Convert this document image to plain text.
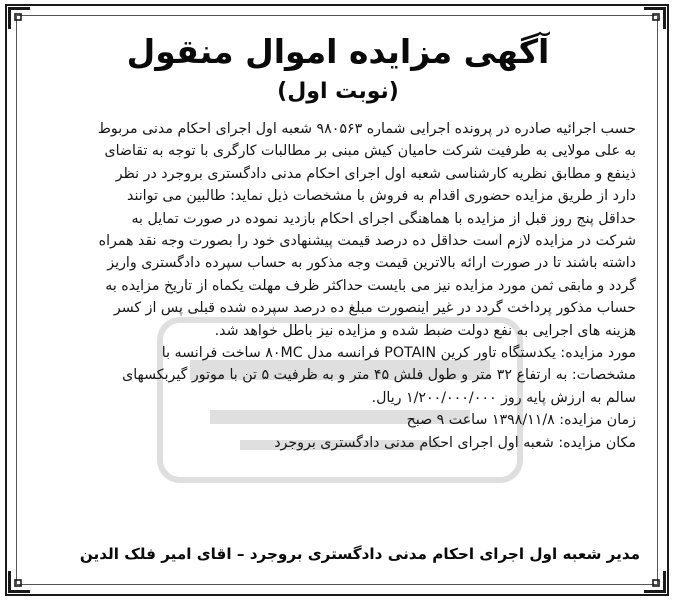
آگهی مزایده اموال منقول
(نوبت اول)
حسب اجرائیه صادره در پرونده اجرایی شماره ۹۸۰۵۶۳ شعبه اول اجرای احکام مدنی مربوط
به علی مولایی به طرفیت شرکت حامیان کیش مبنی بر مطالبات کارگری با توجه به تقاضای
ذینفع و مطابق نظریه کارشناسی شعبه اول اجرای احکام مدنی دادگستری بروجرد در نظر
دارد از طریق مزایده حضوری اقدام به فروش با مشخصات ذیل نماید: طالبین می توانند
حداقل پنج روز قبل از مزایده با هماهنگی اجرای احکام بازدید نموده در صورت تمایل به
شرکت در مزایده لازم است حداقل ده درصد قیمت پیشنهادی خود را بصورت وجه نقد همراه
داشته باشند تا در صورت ارائه بالاترین قیمت وجه مذکور به حساب سپرده دادگستری واریز
گردد و مابقی ثمن مورد مزایده نیز می بایست حداکثر ظرف مهلت یکماه از تاریخ مزایده به
حساب مذکور پرداخت گردد در غیر اینصورت مبلغ ده درصد سپرده شده قبلی پس از کسر
هزینه های اجرایی به نفع دولت ضبط شده و مزایده نیز باطل خواهد شد.
مورد مزایده: یکدستگاه تاور کرین POTAIN فرانسه مدل ۸۰MC ساخت فرانسه با
مشخصات: به ارتفاع ۳۲ متر و طول فلش ۴۵ متر و به ظرفیت ۵ تن با موتور گیربکسهای
سالم به ارزش پایه روز ۱/۲۰۰/۰۰۰/۰۰۰ ریال.
زمان مزایده: ۱۳۹۸/۱۱/۸ ساعت ۹ صبح
مکان مزایده: شعبه اول اجرای احکام مدنی دادگستری بروجرد
مدیر شعبه اول اجرای احکام مدنی دادگستری بروجرد – اقای امیر فلک الدین
